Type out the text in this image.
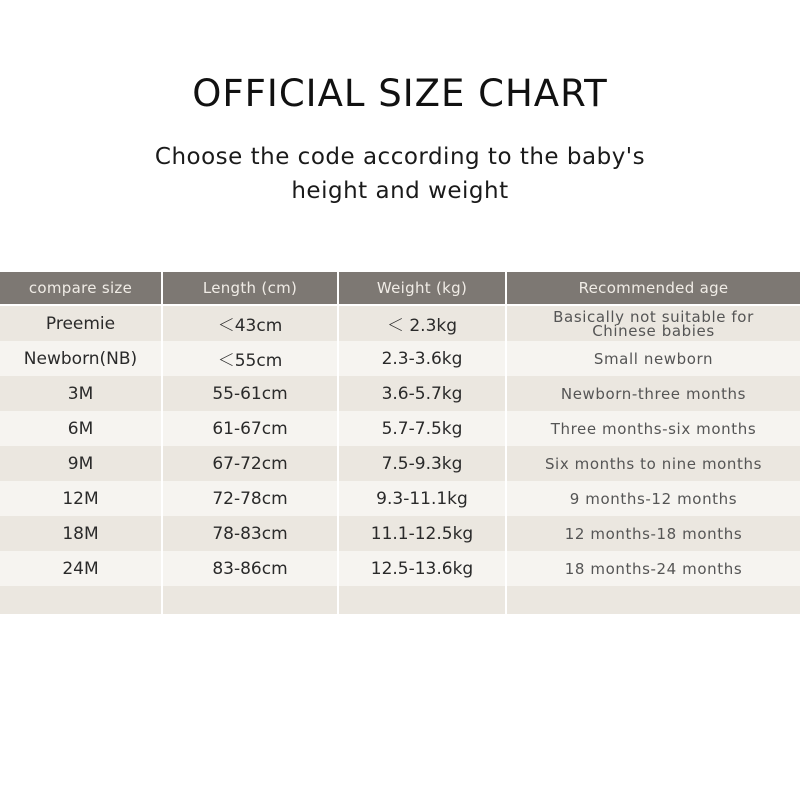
OFFICIAL SIZE CHART
Choose the code according to the baby's
height and weight
compare size	Length (cm)	Weight (kg)	Recommended age
Preemie	＜43cm	＜ 2.3kg	Basically not suitable for Chinese babies
Newborn(NB)	＜55cm	2.3-3.6kg	Small newborn
3M	55-61cm	3.6-5.7kg	Newborn-three months
6M	61-67cm	5.7-7.5kg	Three months-six months
9M	67-72cm	7.5-9.3kg	Six months to nine months
12M	72-78cm	9.3-11.1kg	9 months-12 months
18M	78-83cm	11.1-12.5kg	12 months-18 months
24M	83-86cm	12.5-13.6kg	18 months-24 months
